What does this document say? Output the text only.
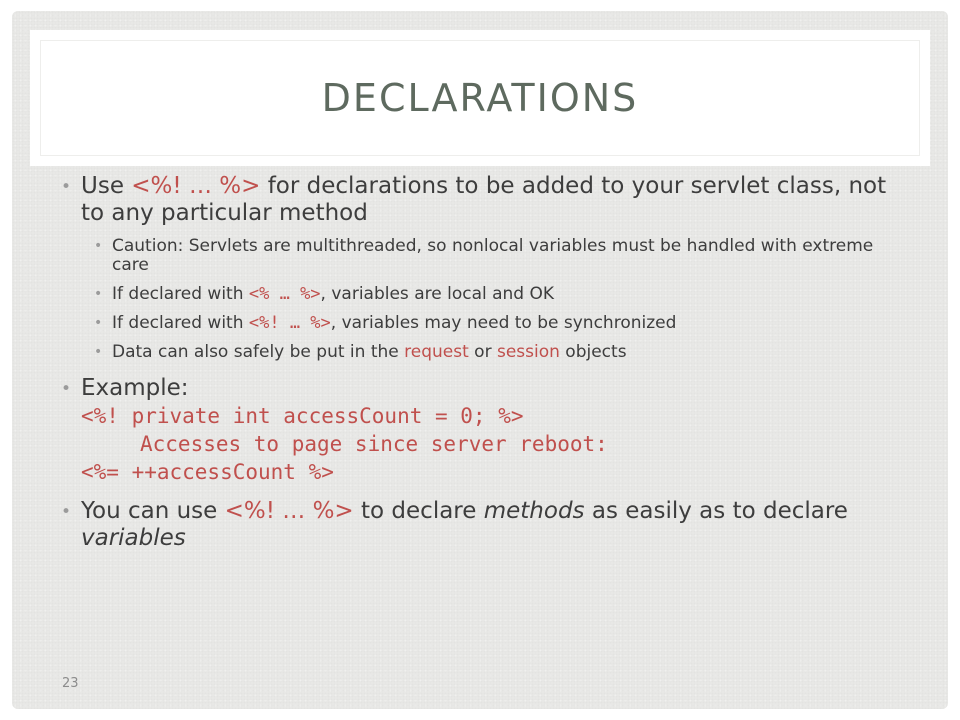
DECLARATIONS
• Use <%! … %> for declarations to be added to your servlet class, not to any particular method
• Caution: Servlets are multithreaded, so nonlocal variables must be handled with extreme care
• If declared with <% … %>, variables are local and OK
• If declared with <%! … %>, variables may need to be synchronized
• Data can also safely be put in the request or session objects
• Example:
<%! private int accessCount = 0; %>
Accesses to page since server reboot:
<%= ++accessCount %>
• You can use <%! … %> to declare methods as easily as to declare variables
23
